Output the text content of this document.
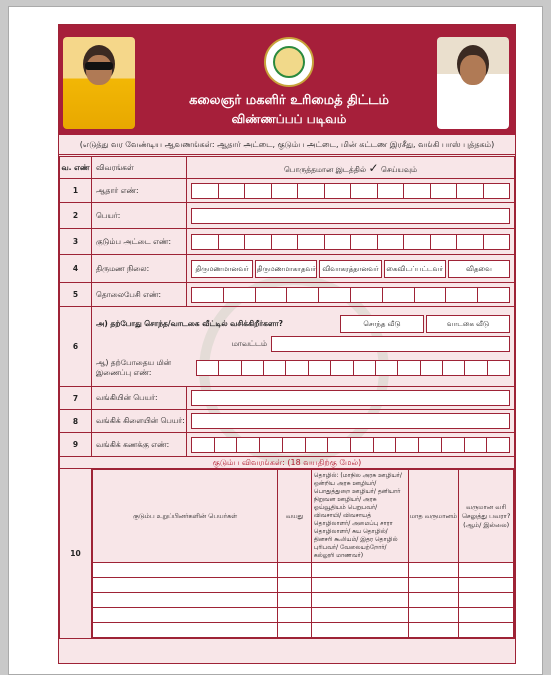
கலைஞர் மகளிர் உரிமைத் திட்டம்
விண்ணப்பப் படிவம்
(எடுத்து வர வேண்டிய ஆவணங்கள்: ஆதார் அட்டை, குடும்ப அட்டை, மின் கட்டண இரசீது, வங்கி பாஸ் புத்தகம்)
வ. எண்	விவரங்கள்	பொருத்தமான இடத்தில் ✓ செய்யவும்
1	ஆதார் எண்:	

2	பெயர்:	

3	குடும்ப அட்டை எண்:	

4	திருமண நிலை:	திருமணமானவர்	திருமணமாகாதவர் விவாகரத்தானவர்	கைவிடப்பட்டவர்	விதவை

5	தொலைபேசி எண்:	

6	
அ) தற்போது சொந்த/வாடகை வீட்டில் வசிக்கிறீர்களா?	சொந்த வீடு	வாடகை வீடு
மாவட்டம்
ஆ) தற்போதைய மின் இணைப்பு எண்:

7	வங்கியின் பெயர்:	

8	வங்கிக் கிளையின் பெயர்:	

9	வங்கிக் கணக்கு எண்:	

குடும்ப விவரங்கள்: (18 வயதிற்கு மேல்)
10	
குடும்ப உறுப்பினர்களின் பெயர்கள்	வயது	தொழில்: (மாநில அரசு ஊழியர்/ ஒன்றிய அரசு ஊழியர்/ பொதுத்துறை ஊழியர்/ தனியார் நிறுவன ஊழியர்/ அரசு ஓய்வூதியம் பெறுபவர்/ விவசாயி/ விவசாயத் தொழிலாளர்/ அமைப்பு சாரா தொழிலாளர்/ சுய தொழில்/ தினசரி கூலியம்/ இதர தொழில் புரிபவர்/ வேலையற்றோர்/ கல்லூரி மாணவர்)	மாத வருமானம்	வருமான வரி செலுத்து பவரா? (ஆம்/ இல்லை)
